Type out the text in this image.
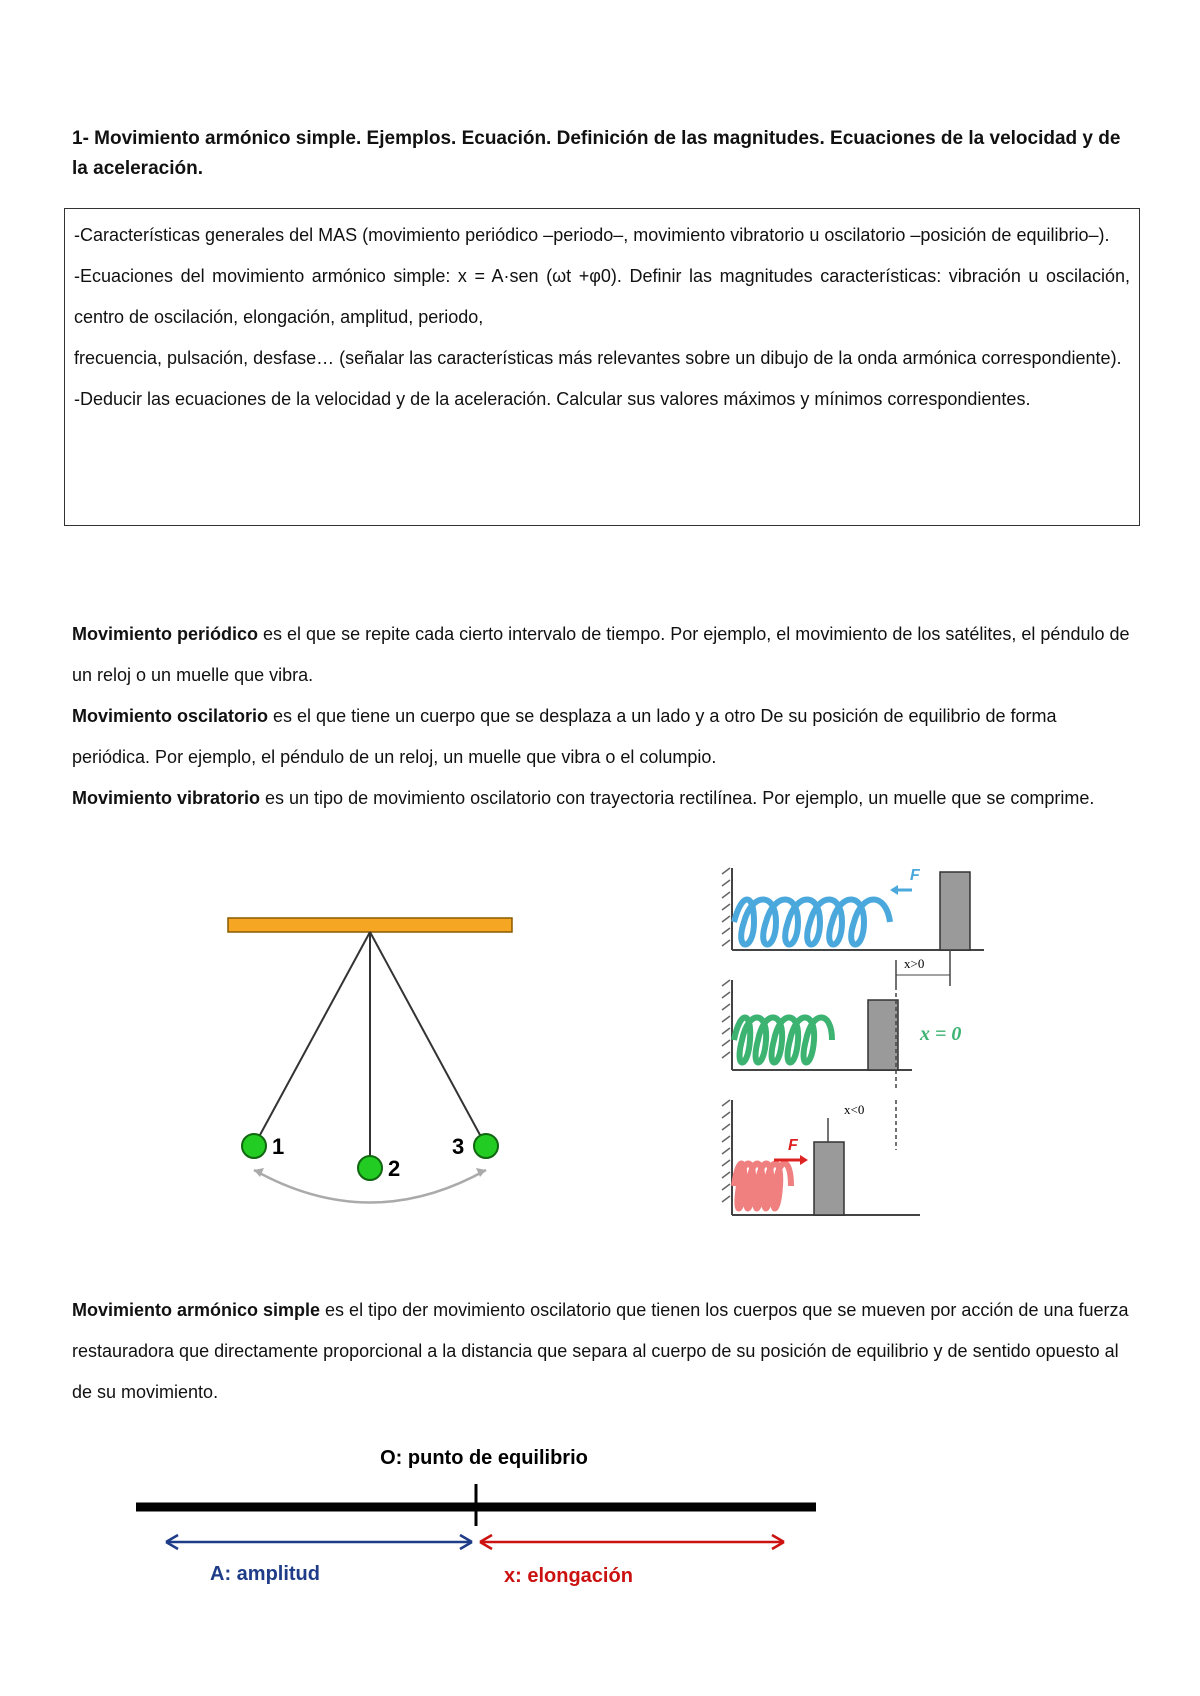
1- Movimiento armónico simple. Ejemplos. Ecuación. Definición de las magnitudes. Ecuaciones de la velocidad y de la aceleración.

-Características generales del MAS (movimiento periódico –periodo–, movimiento vibratorio u oscilatorio –posición de equilibrio–).

-Ecuaciones del movimiento armónico simple: x = A·sen (ωt +φ0). Definir las magnitudes características: vibración u oscilación, centro de oscilación, elongación, amplitud, periodo,

frecuencia, pulsación, desfase… (señalar las características más relevantes sobre un dibujo de la onda armónica correspondiente).

-Deducir las ecuaciones de la velocidad y de la aceleración. Calcular sus valores máximos y mínimos correspondientes.

Movimiento periódico es el que se repite cada cierto intervalo de tiempo. Por ejemplo, el movimiento de los satélites, el péndulo de un reloj o un muelle que vibra.

Movimiento oscilatorio es el que tiene un cuerpo que se desplaza a un lado y a otro De su posición de equilibrio de forma periódica. Por ejemplo, el péndulo de un reloj, un muelle que vibra o el columpio.

Movimiento vibratorio es un tipo de movimiento oscilatorio con trayectoria rectilínea. Por ejemplo, un muelle que se comprime.

1
2
3
F
x>0
x = 0
x<0
F

Movimiento armónico simple es el tipo der movimiento oscilatorio que tienen los cuerpos que se mueven por acción de una fuerza restauradora que directamente proporcional a la distancia que separa al cuerpo de su posición de equilibrio y de sentido opuesto al de su movimiento.

O: punto de equilibrio
A: amplitud	x: elongación
